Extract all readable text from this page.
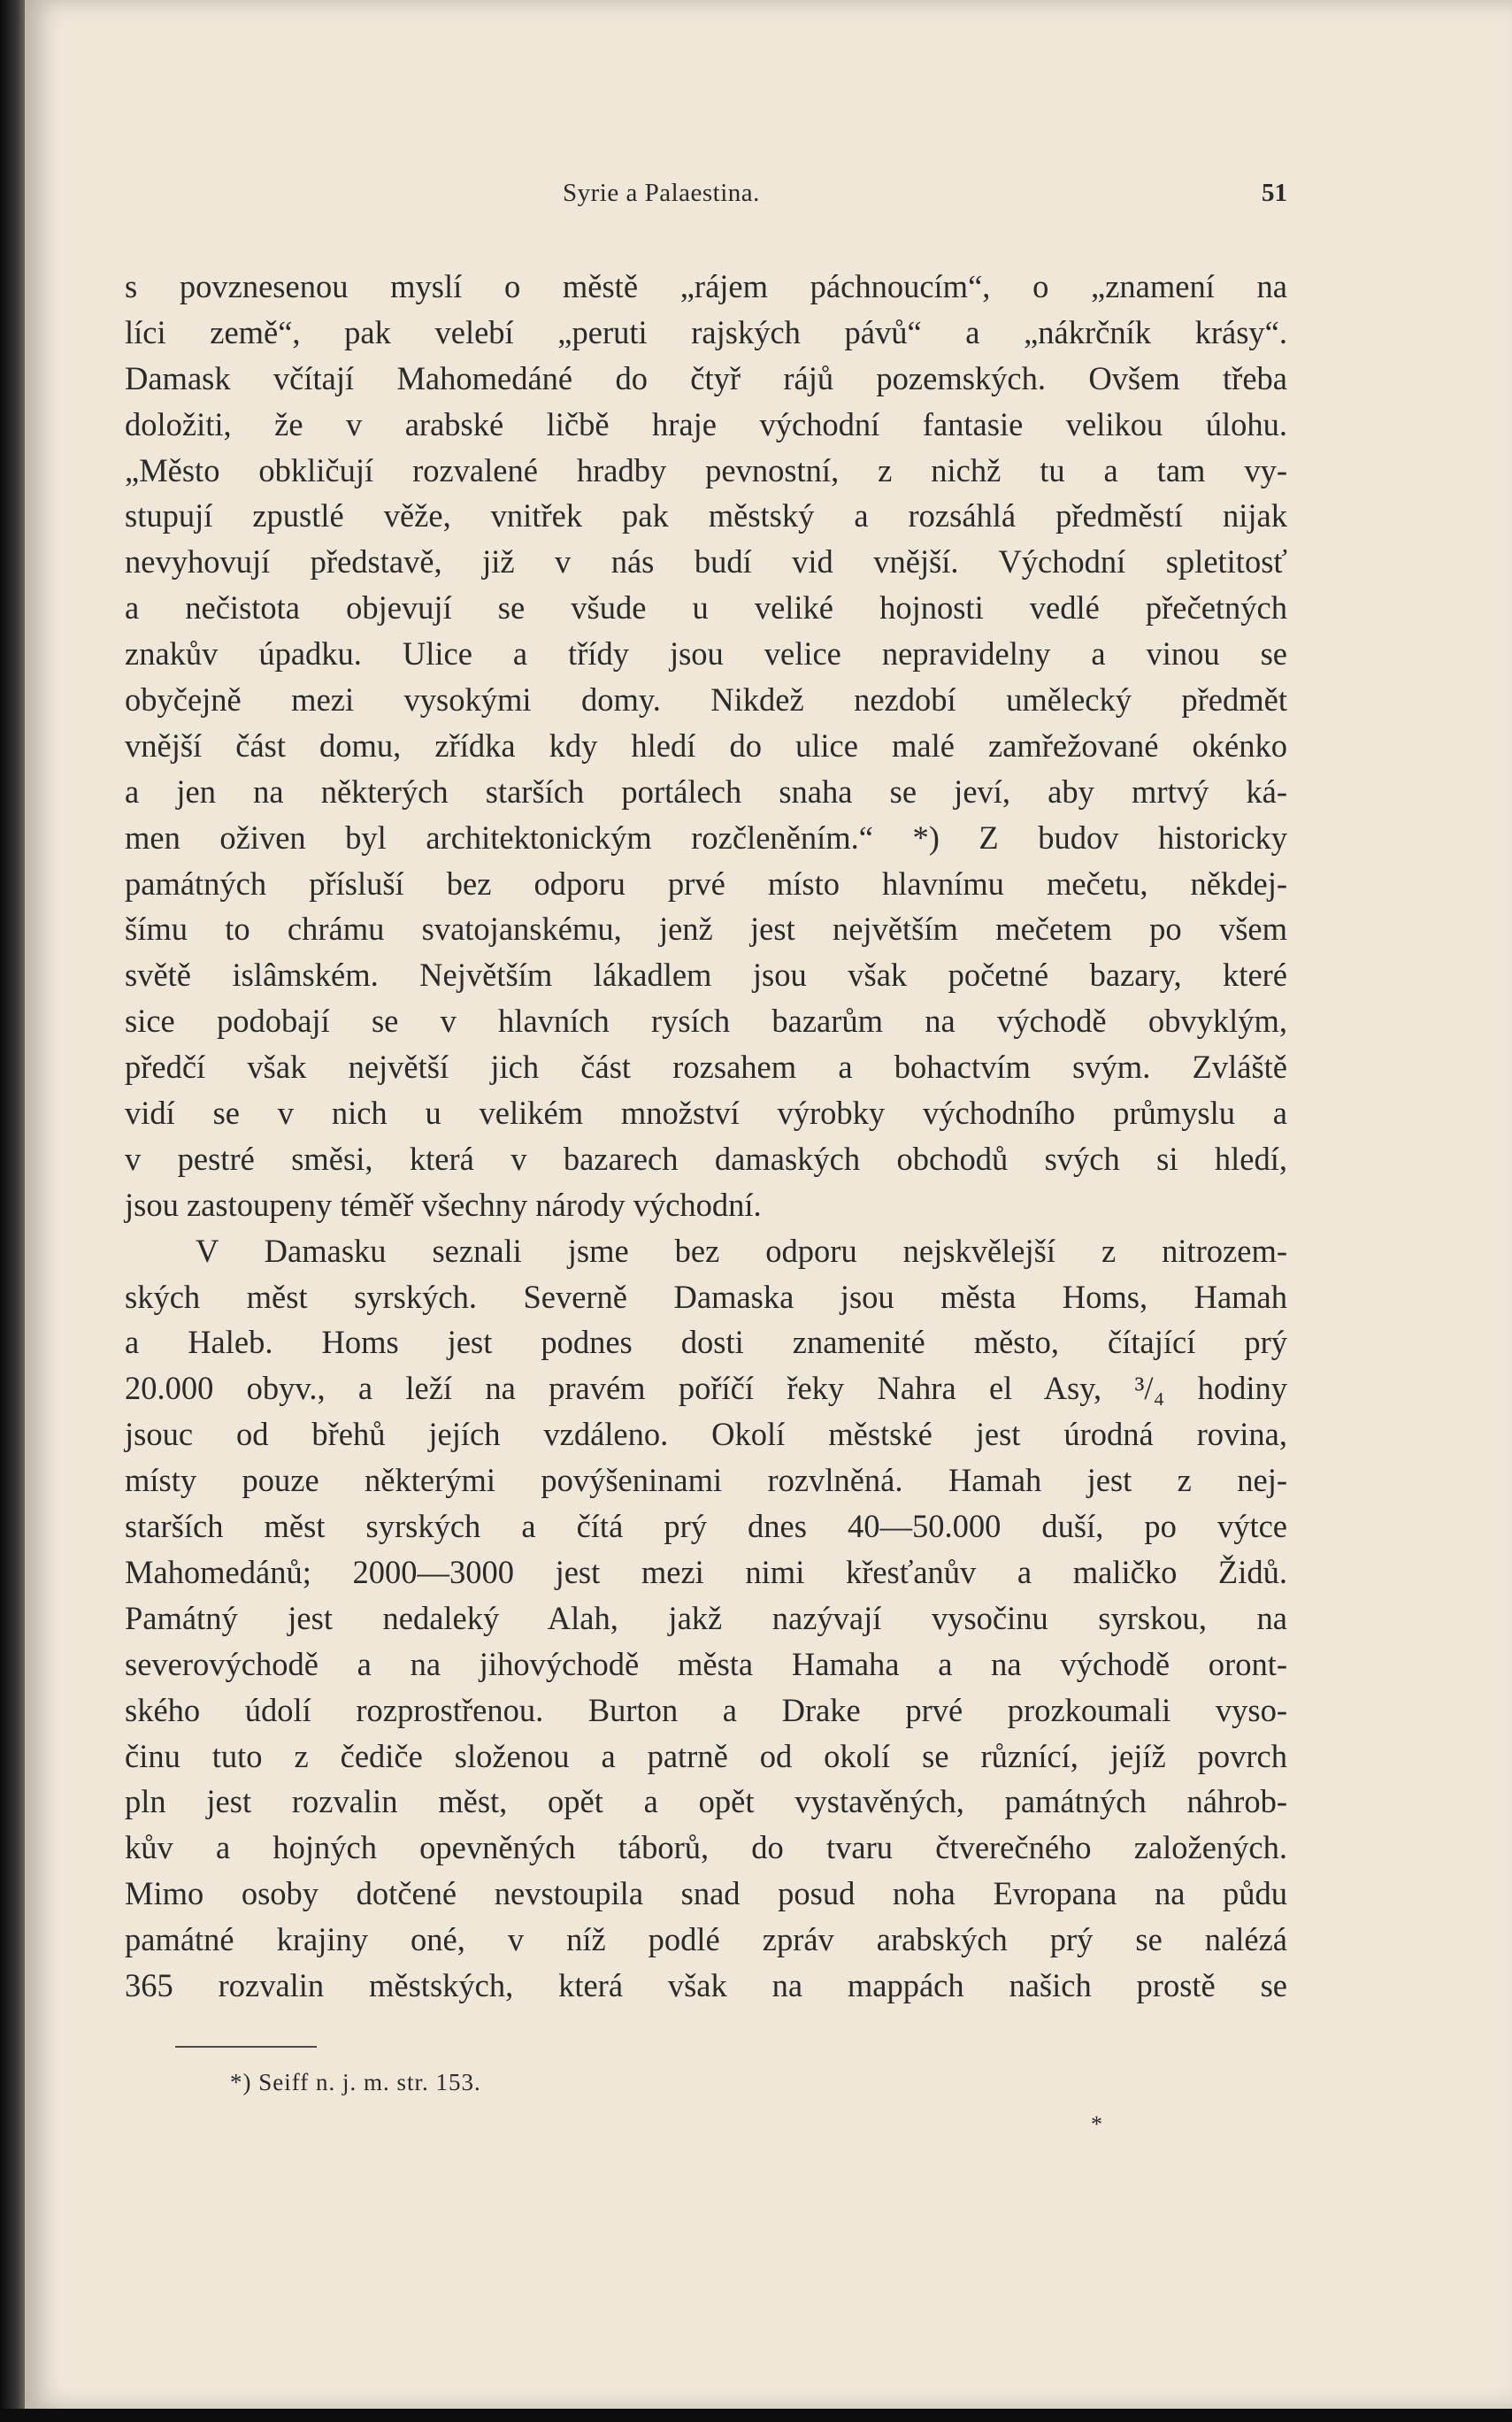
Syrie a Palaestina.	51
s povznesenou myslí o městě „rájem páchnoucím“, o „znamení na
líci země“, pak velebí „peruti rajských pávů“ a „nákrčník krásy“.
Damask včítají Mahomedáné do čtyř rájů pozemských. Ovšem třeba
doložiti, že v arabské ličbě hraje východní fantasie velikou úlohu.
„Město obkličují rozvalené hradby pevnostní, z nichž tu a tam vy-
stupují zpustlé věže, vnitřek pak městský a rozsáhlá předměstí nijak
nevyhovují představě, již v nás budí vid vnější. Východní spletitosť
a nečistota objevují se všude u veliké hojnosti vedlé přečetných
znakův úpadku. Ulice a třídy jsou velice nepravidelny a vinou se
obyčejně mezi vysokými domy. Nikdež nezdobí umělecký předmět
vnější část domu, zřídka kdy hledí do ulice malé zamřežované okénko
a jen na některých starších portálech snaha se jeví, aby mrtvý ká-
men oživen byl architektonickým rozčleněním.“ *) Z budov historicky
památných přísluší bez odporu prvé místo hlavnímu mečetu, někdej-
šímu to chrámu svatojanskému, jenž jest největším mečetem po všem
světě islâmském. Největším lákadlem jsou však početné bazary, které
sice podobají se v hlavních rysích bazarům na východě obvyklým,
předčí však největší jich část rozsahem a bohactvím svým. Zvláště
vidí se v nich u velikém množství výrobky východního průmyslu a
v pestré směsi, která v bazarech damaských obchodů svých si hledí,
jsou zastoupeny téměř všechny národy východní.
V Damasku seznali jsme bez odporu nejskvělejší z nitrozem-
ských měst syrských. Severně Damaska jsou města Homs, Hamah
a Haleb. Homs jest podnes dosti znamenité město, čítající prý
20.000 obyv., a leží na pravém poříčí řeky Nahra el Asy, ³/₄ hodiny
jsouc od břehů jejích vzdáleno. Okolí městské jest úrodná rovina,
místy pouze některými povýšeninami rozvlněná. Hamah jest z nej-
starších měst syrských a čítá prý dnes 40—50.000 duší, po výtce
Mahomedánů; 2000—3000 jest mezi nimi křesťanův a maličko Židů.
Památný jest nedaleký Alah, jakž nazývají vysočinu syrskou, na
severovýchodě a na jihovýchodě města Hamaha a na východě oront-
ského údolí rozprostřenou. Burton a Drake prvé prozkoumali vyso-
činu tuto z čediče složenou a patrně od okolí se různící, jejíž povrch
pln jest rozvalin měst, opět a opět vystavěných, památných náhrob-
kův a hojných opevněných táborů, do tvaru čtverečného založených.
Mimo osoby dotčené nevstoupila snad posud noha Evropana na půdu
památné krajiny oné, v níž podlé zpráv arabských prý se nalézá
365 rozvalin městských, která však na mappách našich prostě se
*) Seiff n. j. m. str. 153.
*
